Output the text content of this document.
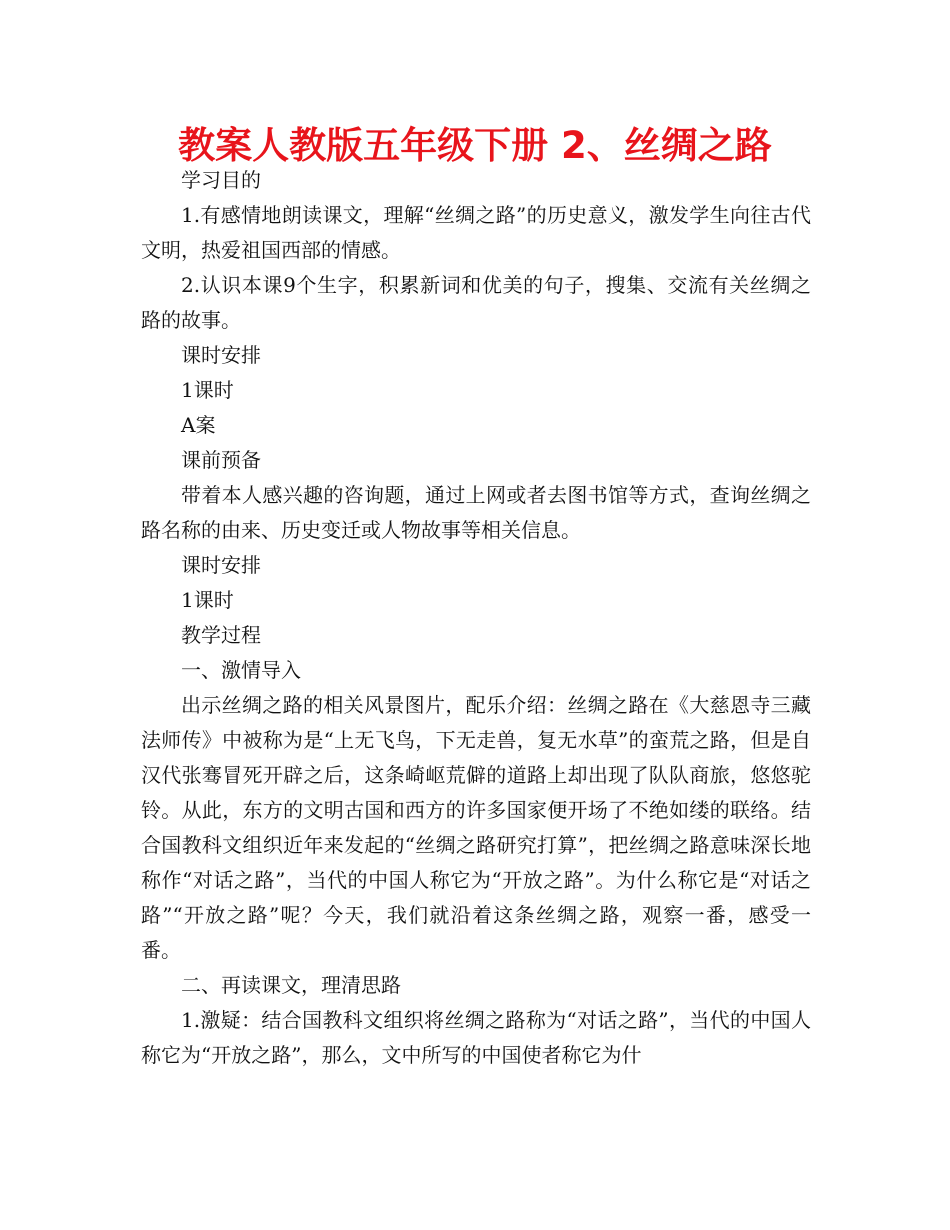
教案人教版五年级下册 2、丝绸之路

学习目的

1.有感情地朗读课文，理解“丝绸之路”的历史意义，激发学生向往古代文明，热爱祖国西部的情感。

2.认识本课9个生字，积累新词和优美的句子，搜集、交流有关丝绸之路的故事。

课时安排

1课时

A案

课前预备

带着本人感兴趣的咨询题，通过上网或者去图书馆等方式，查询丝绸之路名称的由来、历史变迁或人物故事等相关信息。

课时安排

1课时

教学过程

一、激情导入

出示丝绸之路的相关风景图片，配乐介绍：丝绸之路在《大慈恩寺三藏法师传》中被称为是“上无飞鸟，下无走兽，复无水草”的蛮荒之路，但是自汉代张骞冒死开辟之后，这条崎岖荒僻的道路上却出现了队队商旅，悠悠驼铃。从此，东方的文明古国和西方的许多国家便开场了不绝如缕的联络。结合国教科文组织近年来发起的“丝绸之路研究打算”，把丝绸之路意味深长地称作“对话之路”，当代的中国人称它为“开放之路”。为什么称它是“对话之路”“开放之路”呢？今天，我们就沿着这条丝绸之路，观察一番，感受一番。

二、再读课文，理清思路

1.激疑：结合国教科文组织将丝绸之路称为“对话之路”，当代的中国人称它为“开放之路”，那么，文中所写的中国使者称它为什
